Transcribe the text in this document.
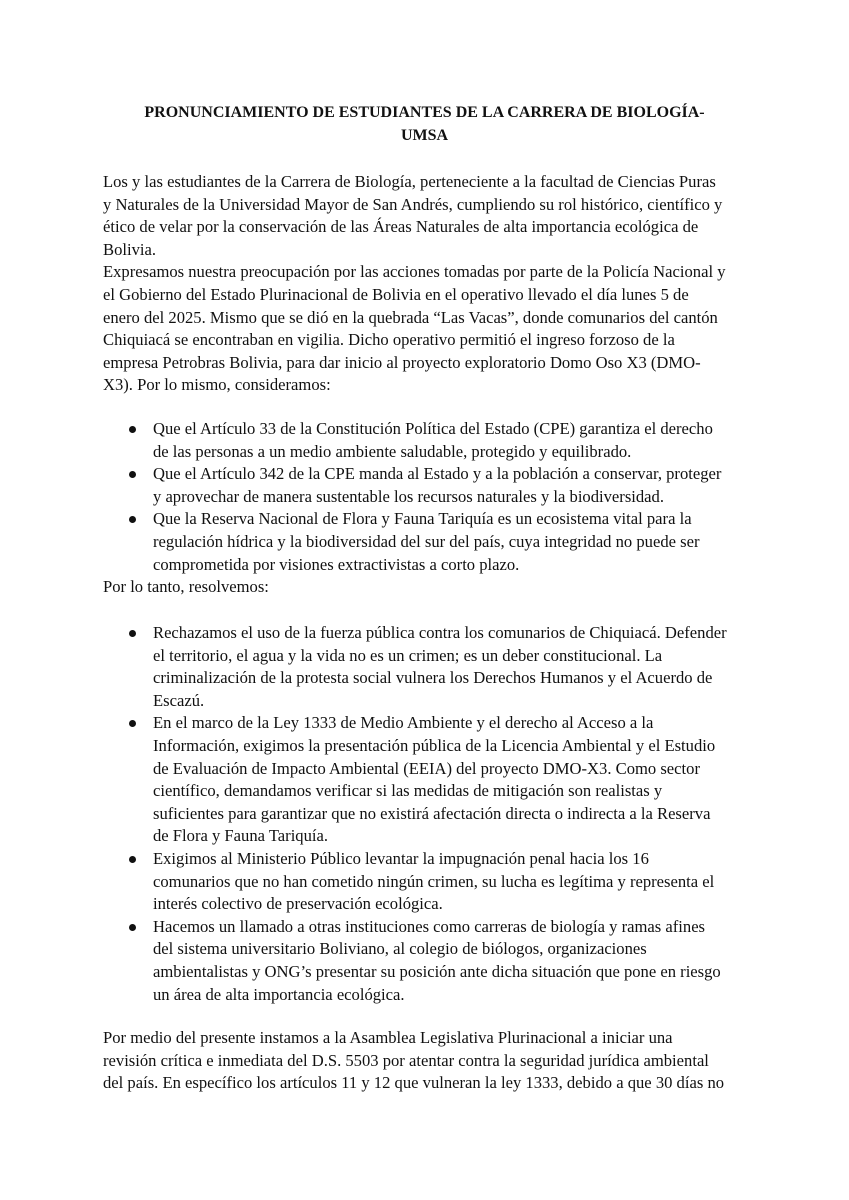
PRONUNCIAMIENTO DE ESTUDIANTES DE LA CARRERA DE BIOLOGÍA-
UMSA

Los y las estudiantes de la Carrera de Biología, perteneciente a la facultad de Ciencias Puras
y Naturales de la Universidad Mayor de San Andrés, cumpliendo su rol histórico, científico y
ético de velar por la conservación de las Áreas Naturales de alta importancia ecológica de
Bolivia.
Expresamos nuestra preocupación por las acciones tomadas por parte de la Policía Nacional y
el Gobierno del Estado Plurinacional de Bolivia en el operativo llevado el día lunes 5 de
enero del 2025. Mismo que se dió en la quebrada “Las Vacas”, donde comunarios del cantón
Chiquiacá se encontraban en vigilia. Dicho operativo permitió el ingreso forzoso de la
empresa Petrobras Bolivia, para dar inicio al proyecto exploratorio Domo Oso X3 (DMO-
X3). Por lo mismo, consideramos:

Que el Artículo 33 de la Constitución Política del Estado (CPE) garantiza el derecho
de las personas a un medio ambiente saludable, protegido y equilibrado.
Que el Artículo 342 de la CPE manda al Estado y a la población a conservar, proteger
y aprovechar de manera sustentable los recursos naturales y la biodiversidad.
Que la Reserva Nacional de Flora y Fauna Tariquía es un ecosistema vital para la
regulación hídrica y la biodiversidad del sur del país, cuya integridad no puede ser
comprometida por visiones extractivistas a corto plazo.

Por lo tanto, resolvemos:

Rechazamos el uso de la fuerza pública contra los comunarios de Chiquiacá. Defender
el territorio, el agua y la vida no es un crimen; es un deber constitucional. La
criminalización de la protesta social vulnera los Derechos Humanos y el Acuerdo de
Escazú.
En el marco de la Ley 1333 de Medio Ambiente y el derecho al Acceso a la
Información, exigimos la presentación pública de la Licencia Ambiental y el Estudio
de Evaluación de Impacto Ambiental (EEIA) del proyecto DMO-X3. Como sector
científico, demandamos verificar si las medidas de mitigación son realistas y
suficientes para garantizar que no existirá afectación directa o indirecta a la Reserva
de Flora y Fauna Tariquía.
Exigimos al Ministerio Público levantar la impugnación penal hacia los 16
comunarios que no han cometido ningún crimen, su lucha es legítima y representa el
interés colectivo de preservación ecológica.
Hacemos un llamado a otras instituciones como carreras de biología y ramas afines
del sistema universitario Boliviano, al colegio de biólogos, organizaciones
ambientalistas y ONG’s presentar su posición ante dicha situación que pone en riesgo
un área de alta importancia ecológica.

Por medio del presente instamos a la Asamblea Legislativa Plurinacional a iniciar una
revisión crítica e inmediata del D.S. 5503 por atentar contra la seguridad jurídica ambiental
del país. En específico los artículos 11 y 12 que vulneran la ley 1333, debido a que 30 días no
